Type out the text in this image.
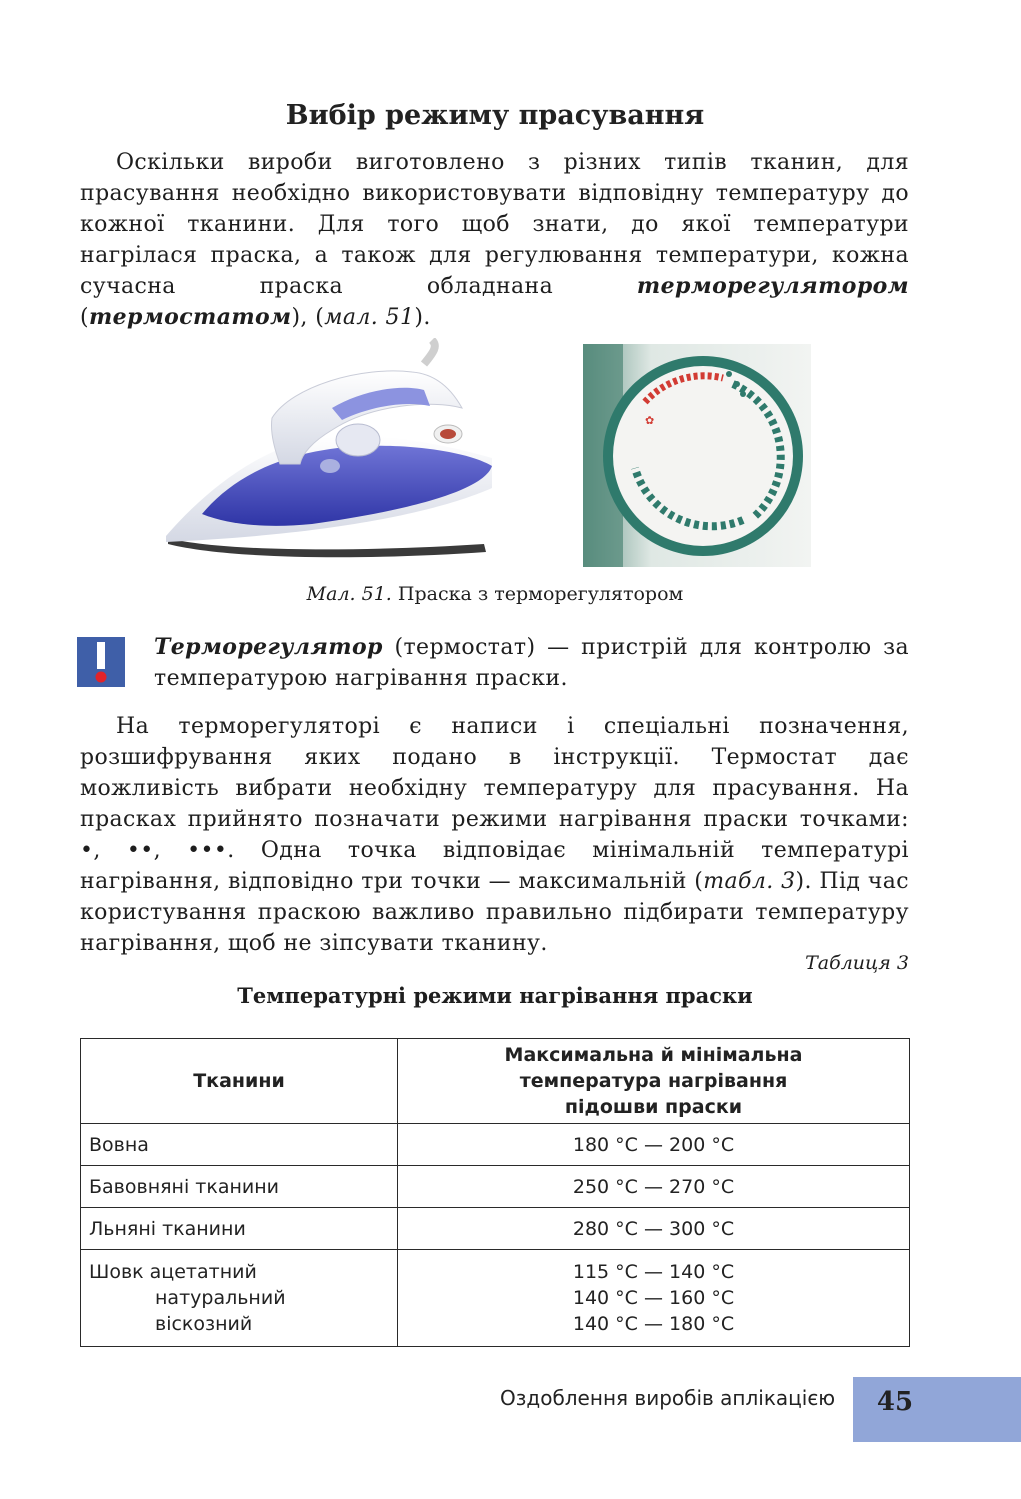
Вибір режиму прасування

Оскільки вироби виготовлено з різних типів тканин, для прасування необхідно використовувати відповідну температуру до кожної тканини. Для того щоб знати, до якої температури нагрілася праска, а також для регулювання температури, кожна сучасна праска обладнана терморегулятором (термостатом), (мал. 51).

✿
Мал. 51. Праска з терморегулятором
Терморегулятор (термостат) — пристрій для контролю за температурою нагрівання праски.

На терморегуляторі є написи і спеціальні позначення, розшифрування яких подано в інструкції. Термостат дає можливість вибрати необхідну температуру для прасування. На прасках прийнято позначати режими нагрівання праски точками: •, ••, •••. Одна точка відповідає мінімальній температурі нагрівання, відповідно три точки — максимальній (табл. 3). Під час користування праскою важливо правильно підбирати температуру нагрівання, щоб не зіпсувати тканину.

Таблиця 3
Температурні режими нагрівання праски
Тканини	Максимальна й мінімальна
температура нагрівання
підошви праски
Вовна	180 °C — 200 °C
Бавовняні тканини	250 °C — 270 °C
Льняні тканини	280 °C — 300 °C

Шовк ацетатний
натуральний
віскозний	115 °C — 140 °C
140 °C — 160 °C
140 °C — 180 °C
Оздоблення виробів аплікацією	45
